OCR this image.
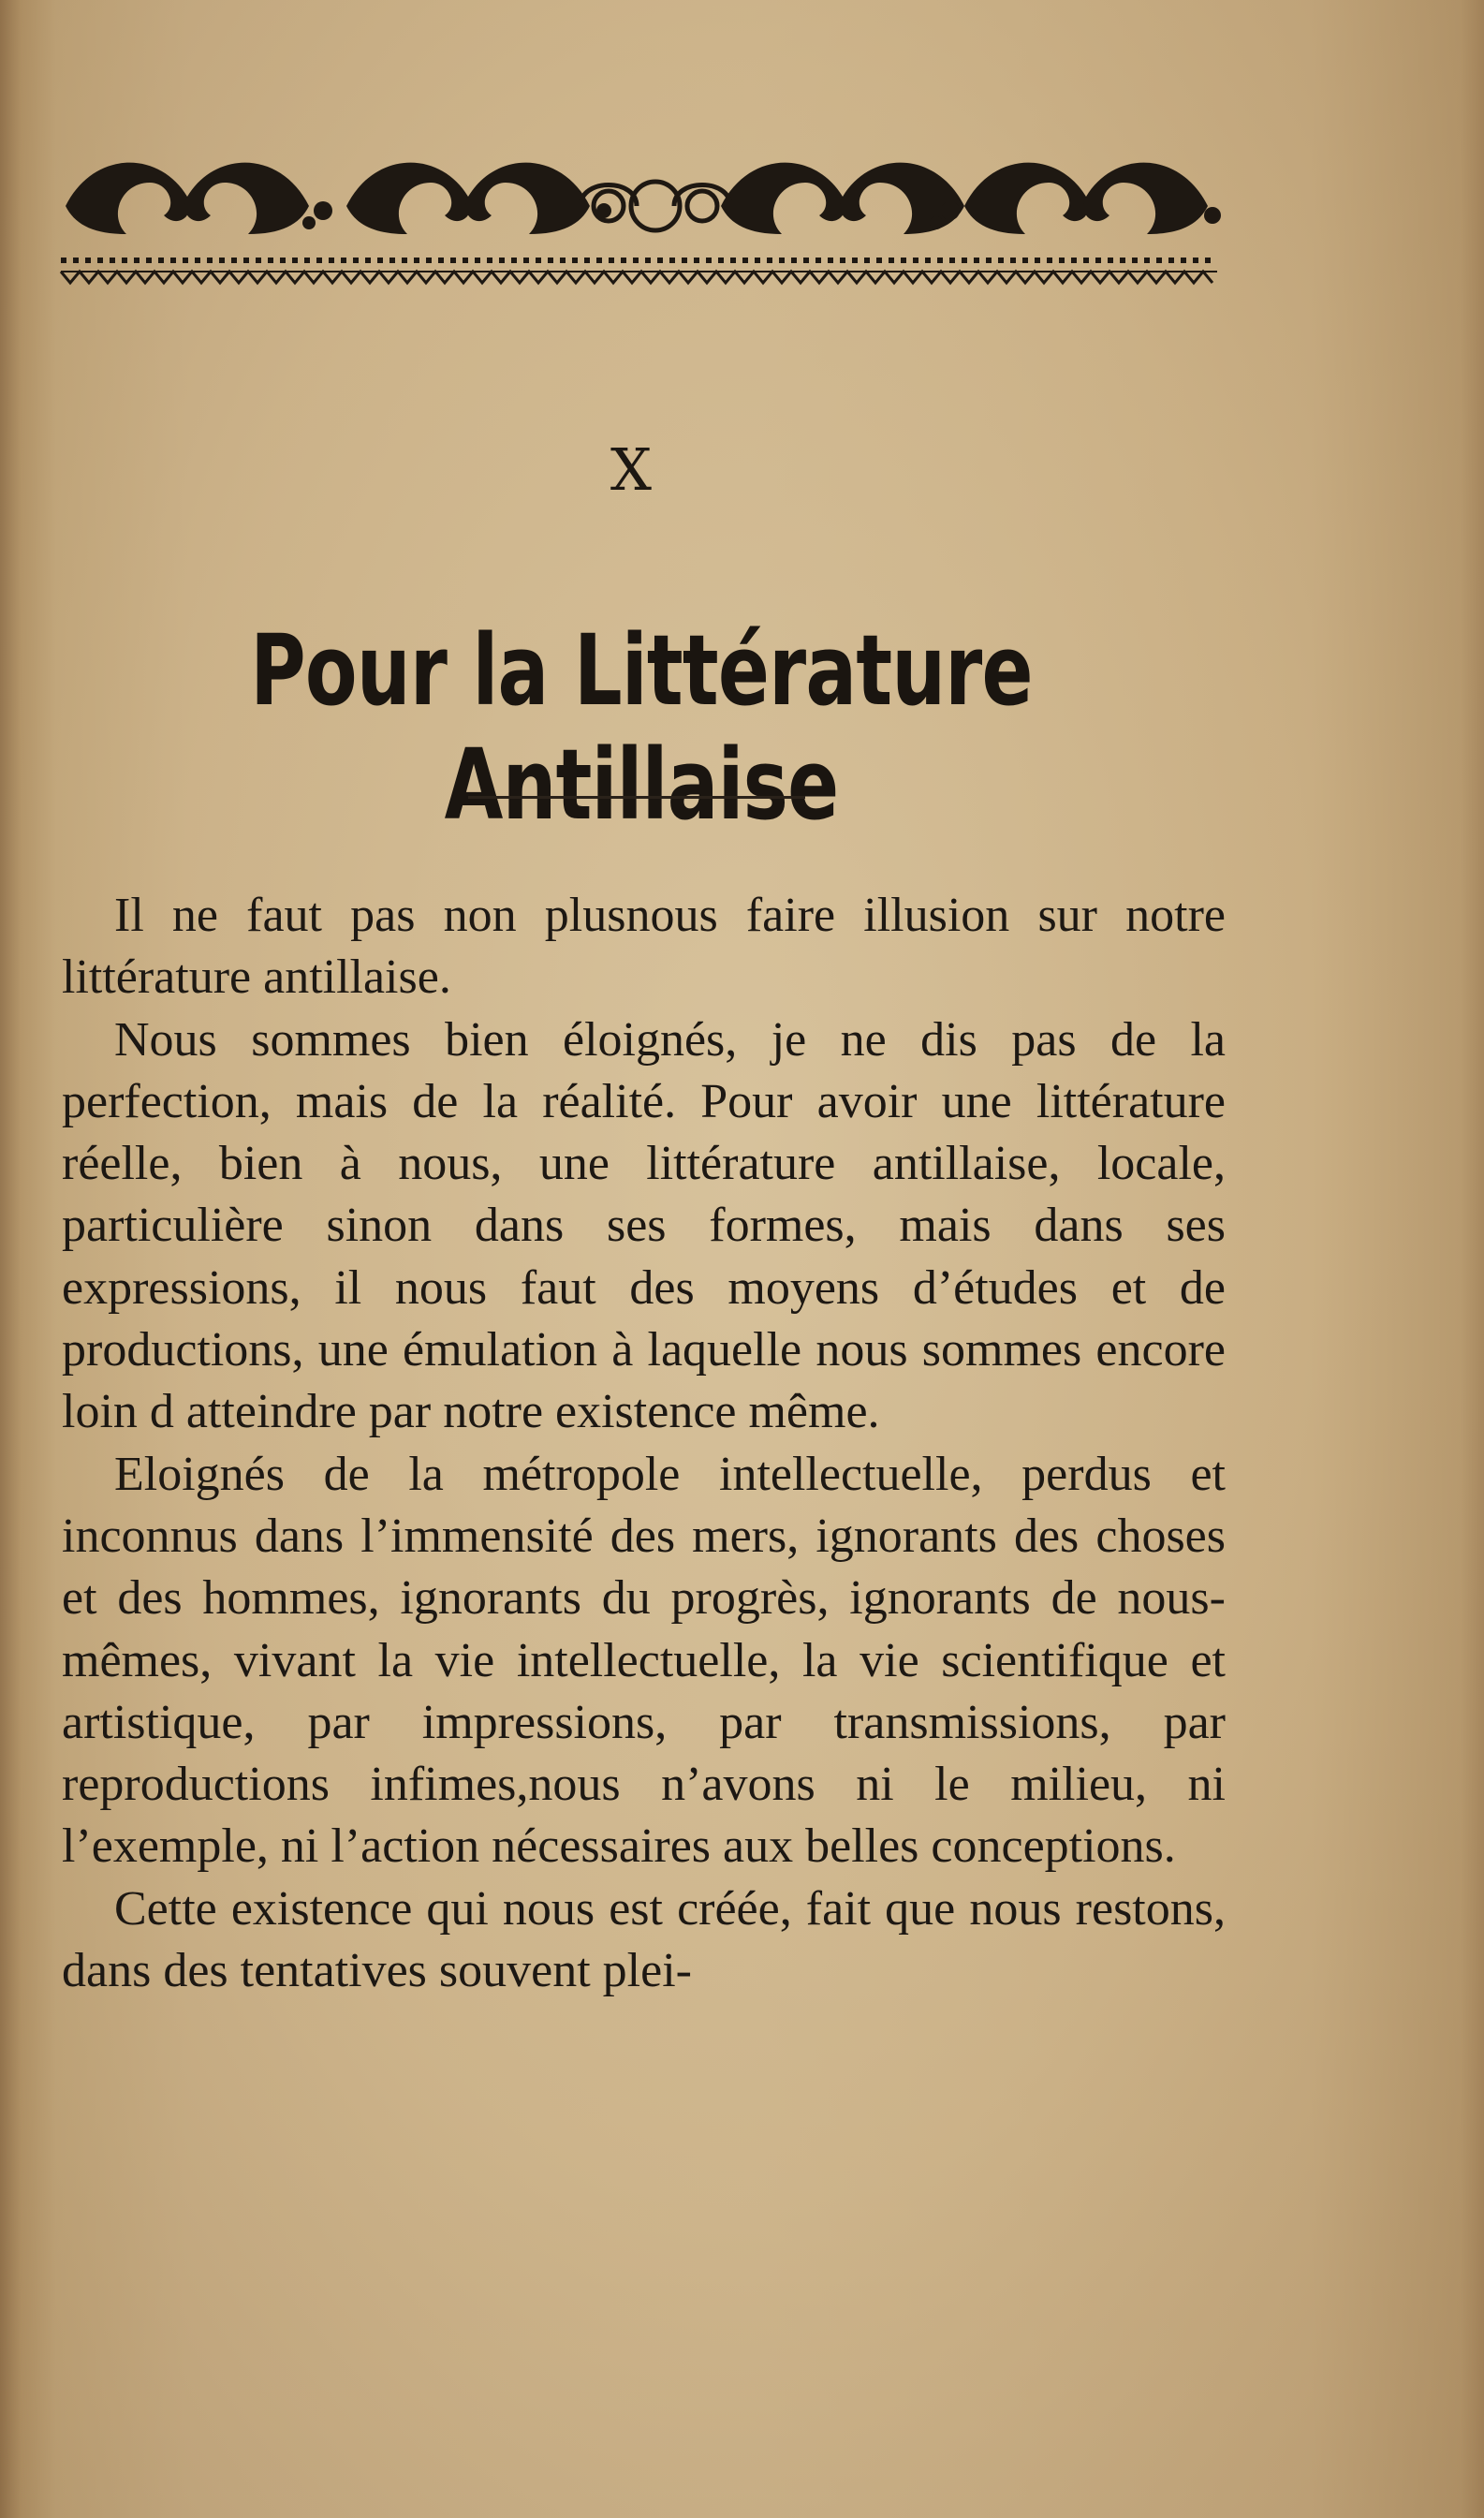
X
Pour la Littérature Antillaise

Il ne faut pas non plusnous faire illusion sur notre littérature antillaise.

Nous sommes bien éloignés, je ne dis pas de la perfection, mais de la réalité. Pour avoir une littérature réelle, bien à nous, une littérature antillaise, locale, particulière sinon dans ses formes, mais dans ses expressions, il nous faut des moyens d’études et de productions, une émulation à laquelle nous sommes encore loin d atteindre par notre existence même.

Eloignés de la métropole intellectuelle, perdus et inconnus dans l’immensité des mers, ignorants des choses et des hommes, ignorants du progrès, ignorants de nous-mêmes, vivant la vie intellectuelle, la vie scientifique et artistique, par impressions, par transmissions, par reproductions infimes,nous n’avons ni le milieu, ni l’exemple, ni l’action nécessaires aux belles conceptions.

Cette existence qui nous est créée, fait que nous restons, dans des tentatives souvent plei-
